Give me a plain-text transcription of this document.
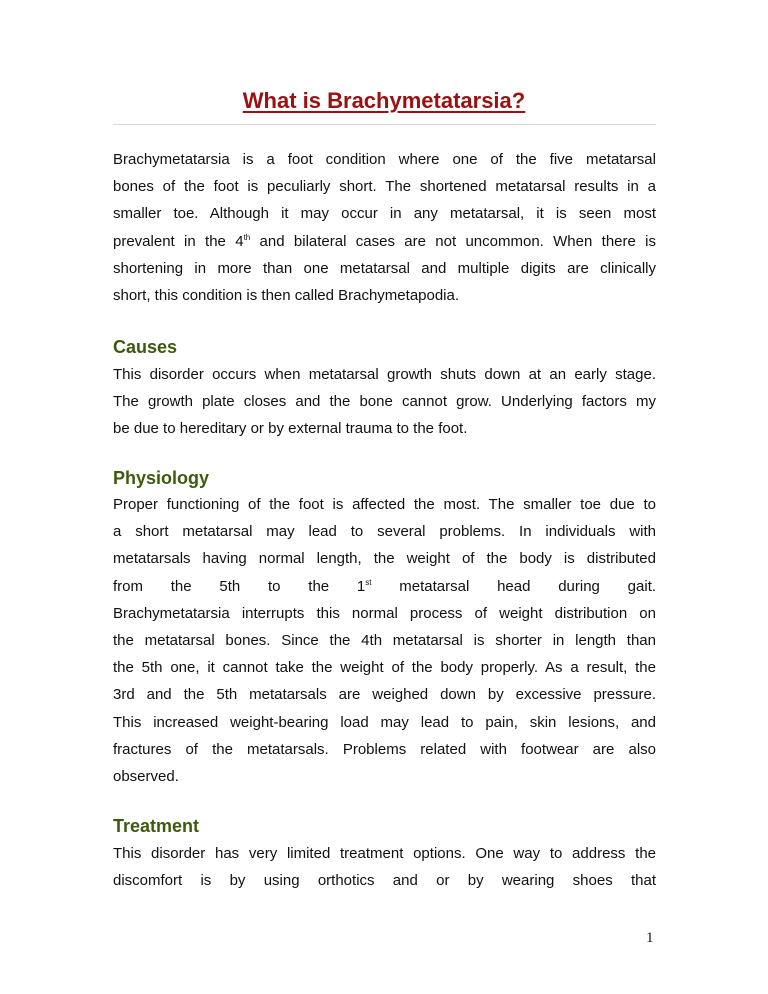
What is Brachymetatarsia?

Brachymetatarsia is a foot condition where one of the five metatarsal
bones of the foot is peculiarly short. The shortened metatarsal results in a
smaller toe. Although it may occur in any metatarsal, it is seen most
prevalent in the 4th and bilateral cases are not uncommon. When there is
shortening in more than one metatarsal and multiple digits are clinically
short, this condition is then called Brachymetapodia.

Causes

This disorder occurs when metatarsal growth shuts down at an early stage.
The growth plate closes and the bone cannot grow. Underlying factors my
be due to hereditary or by external trauma to the foot.

Physiology

Proper functioning of the foot is affected the most. The smaller toe due to
a short metatarsal may lead to several problems. In individuals with
metatarsals having normal length, the weight of the body is distributed
from the 5th to the 1st metatarsal head during gait.
Brachymetatarsia interrupts this normal process of weight distribution on
the metatarsal bones. Since the 4th metatarsal is shorter in length than
the 5th one, it cannot take the weight of the body properly. As a result, the
3rd and the 5th metatarsals are weighed down by excessive pressure.
This increased weight-bearing load may lead to pain, skin lesions, and
fractures of the metatarsals. Problems related with footwear are also
observed.

Treatment

This disorder has very limited treatment options. One way to address the
discomfort is by using orthotics and or by wearing shoes that

1
